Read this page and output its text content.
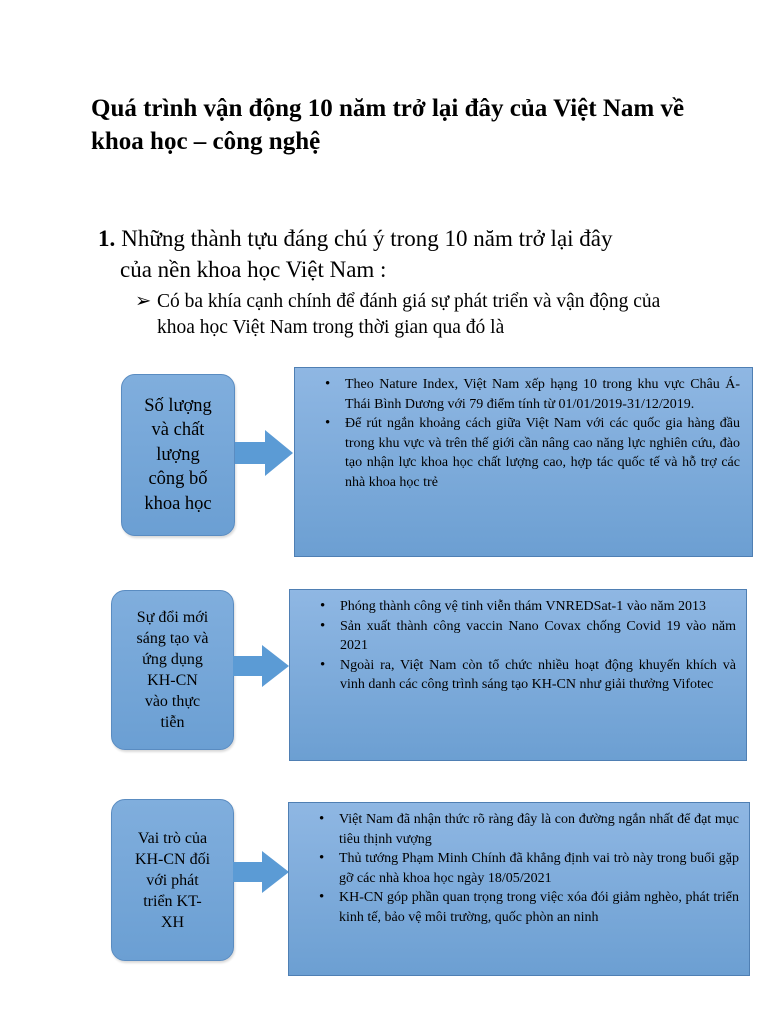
Quá trình vận động 10 năm trở lại đây của Việt Nam về khoa học – công nghệ
1. Những thành tựu đáng chú ý trong 10 năm trở lại đây
của nền khoa học Việt Nam :
➢ Có ba khía cạnh chính để đánh giá sự phát triển và vận động của khoa học Việt Nam trong thời gian qua đó là
Số lượng
và chất
lượng
công bố
khoa học
• Theo Nature Index, Việt Nam xếp hạng 10 trong khu vực Châu Á-Thái Bình Dương với 79 điểm tính từ 01/01/2019-31/12/2019.
• Để rút ngắn khoảng cách giữa Việt Nam với các quốc gia hàng đầu trong khu vực và trên thế giới cần nâng cao năng lực nghiên cứu, đào tạo nhận lực khoa học chất lượng cao, hợp tác quốc tế và hỗ trợ các nhà khoa học trẻ
Sự đổi mới
sáng tạo và
ứng dụng
KH-CN
vào thực
tiễn
• Phóng thành công vệ tinh viễn thám VNREDSat-1 vào năm 2013
• Sản xuất thành công vaccin Nano Covax chống Covid 19 vào năm 2021
• Ngoài ra, Việt Nam còn tổ chức nhiều hoạt động khuyến khích và vinh danh các công trình sáng tạo KH-CN như giải thưởng Vifotec
Vai trò của
KH-CN đối
với phát
triển KT-
XH
• Việt Nam đã nhận thức rõ ràng đây là con đường ngắn nhất để đạt mục tiêu thịnh vượng
• Thủ tướng Phạm Minh Chính đã khẳng định vai trò này trong buổi gặp gỡ các nhà khoa học ngày 18/05/2021
• KH-CN góp phần quan trọng trong việc xóa đói giảm nghèo, phát triển kinh tế, bảo vệ môi trường, quốc phòn an ninh
